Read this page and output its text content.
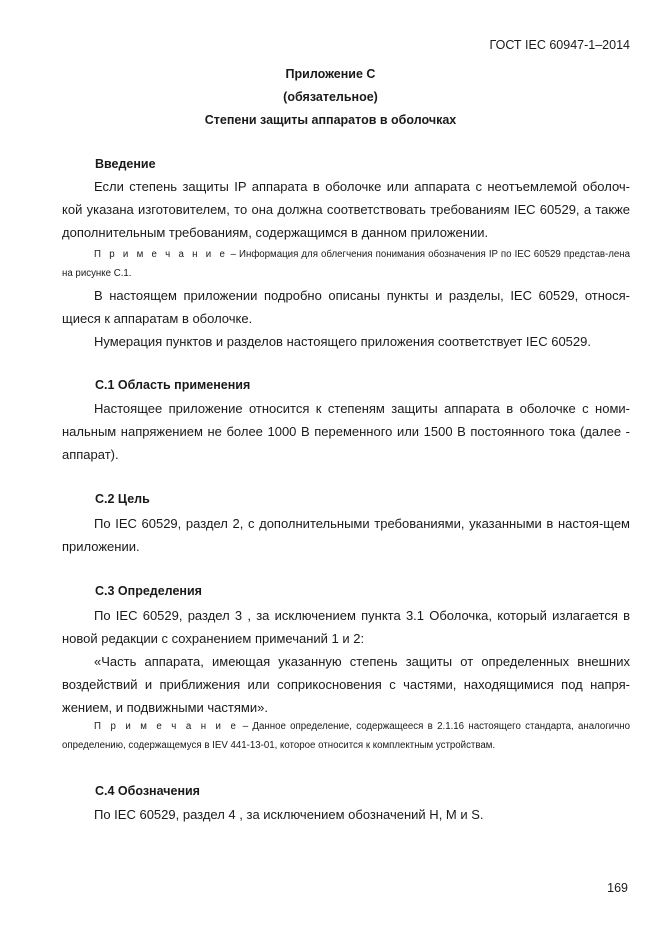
ГОСТ IEC 60947-1–2014
Приложение C
(обязательное)
Степени защиты аппаратов в оболочках
Введение

Если степень защиты IP аппарата в оболочке или аппарата с неотъемлемой оболоч-кой указана изготовителем, то она должна соответствовать требованиям IEC 60529, а также дополнительным требованиям, содержащимся в данном приложении.

П р и м е ч а н и е – Информация для облегчения понимания обозначения IP по IEC 60529 представ-лена на рисунке C.1.

В настоящем приложении подробно описаны пункты и разделы, IEC 60529, относя-щиеся к аппаратам в оболочке.

Нумерация пунктов и разделов настоящего приложения соответствует IEC 60529.

С.1 Область применения

Настоящее приложение относится к степеням защиты аппарата в оболочке с номи-нальным напряжением не более 1000 В переменного или 1500 В постоянного тока (далее - аппарат).

С.2 Цель

По IEC 60529, раздел 2, с дополнительными требованиями, указанными в настоя-щем приложении.

С.3 Определения

По IEC 60529, раздел 3 , за исключением пункта 3.1 Оболочка, который излагается в новой редакции с сохранением примечаний 1 и 2:

«Часть аппарата, имеющая указанную степень защиты от определенных внешних воздействий и приближения или соприкосновения с частями, находящимися под напря-жением, и подвижными частями».

П р и м е ч а н и е – Данное определение, содержащееся в 2.1.16 настоящего стандарта, аналогично определению, содержащемуся в IEV 441-13-01, которое относится к комплектным устройствам.

С.4 Обозначения

По IEC 60529, раздел 4 , за исключением обозначений H, M и S.

169
